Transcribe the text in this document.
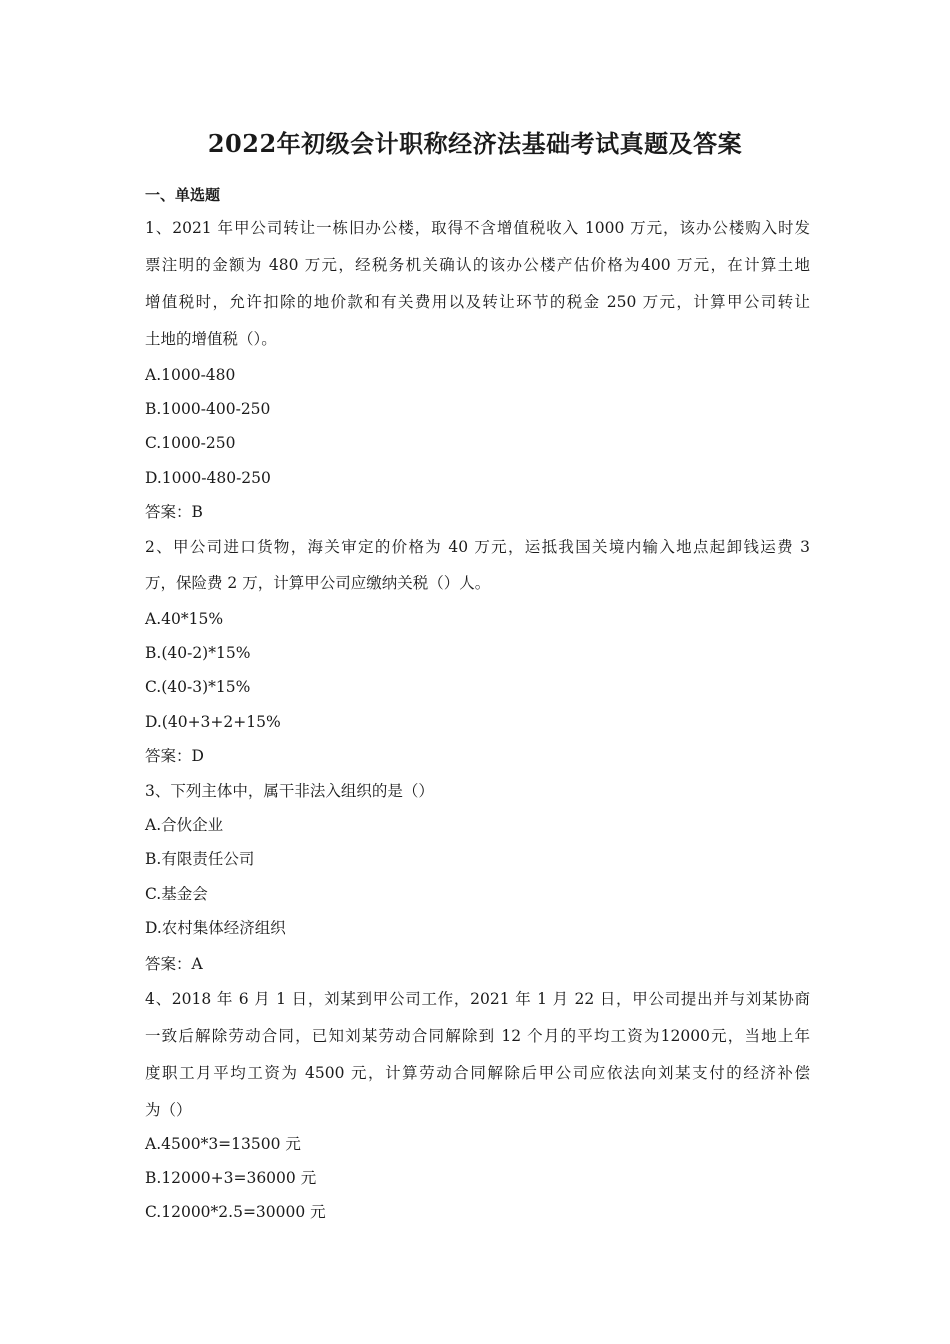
2022年初级会计职称经济法基础考试真题及答案
一、单选题
1、2021 年甲公司转让一栋旧办公楼，取得不含增值税收入 1000 万元，该办公楼购入时发
票注明的金额为 480 万元，经税务机关确认的该办公楼产估价格为400 万元，在计算土地
增值税时，允许扣除的地价款和有关费用以及转让环节的税金 250 万元，计算甲公司转让
土地的增值税（）。
A.1000-480
B.1000-400-250
C.1000-250
D.1000-480-250
答案：B
2、甲公司进口货物，海关审定的价格为 40 万元，运抵我国关境内输入地点起卸钱运费 3
万，保险费 2 万，计算甲公司应缴纳关税（）人。
A.40*15%
B.(40-2)*15%
C.(40-3)*15%
D.(40+3+2+15%
答案：D
3、下列主体中，属干非法入组织的是（）
A.合伙企业
B.有限责任公司
C.基金会
D.农村集体经济组织
答案：A
4、2018 年 6 月 1 日，刘某到甲公司工作，2021 年 1 月 22 日，甲公司提出并与刘某协商
一致后解除劳动合同，已知刘某劳动合同解除到 12 个月的平均工资为12000元，当地上年
度职工月平均工资为 4500 元，计算劳动合同解除后甲公司应依法向刘某支付的经济补偿
为（）
A.4500*3=13500 元
B.12000+3=36000 元
C.12000*2.5=30000 元
